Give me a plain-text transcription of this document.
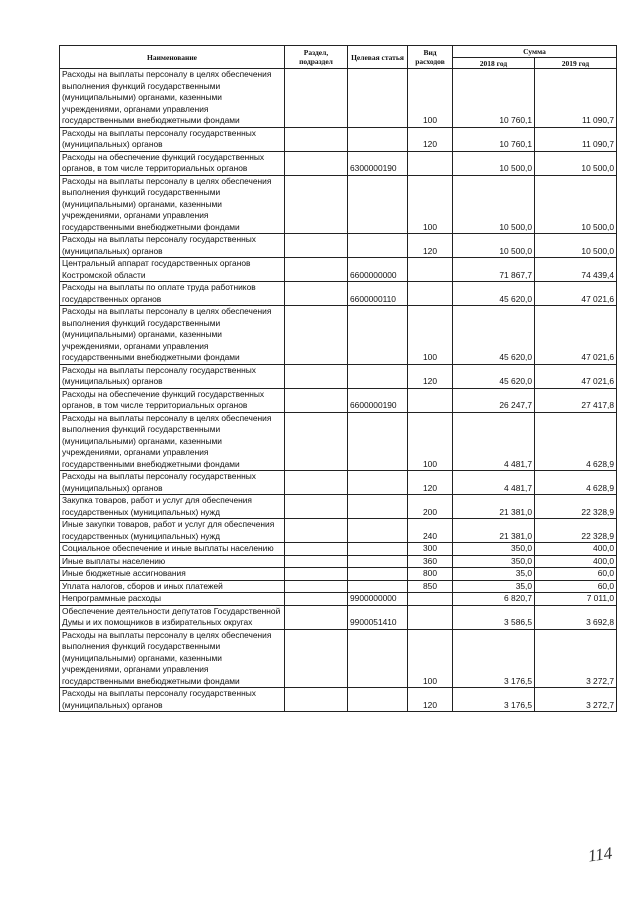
Наименование	Раздел, подраздел	Целевая статья	Вид расходов	Сумма	
				2018 год	2019 год
Расходы на выплаты персоналу в целях обеспечения выполнения функций государственными (муниципальными) органами, казенными учреждениями, органами управления государственными внебюджетными фондами			100	10 760,1	11 090,7
Расходы на выплаты персоналу государственных (муниципальных) органов			120	10 760,1	11 090,7
Расходы на обеспечение функций государственных органов, в том числе территориальных органов		6300000190		10 500,0	10 500,0
Расходы на выплаты персоналу в целях обеспечения выполнения функций государственными (муниципальными) органами, казенными учреждениями, органами управления государственными внебюджетными фондами			100	10 500,0	10 500,0
Расходы на выплаты персоналу государственных (муниципальных) органов			120	10 500,0	10 500,0
Центральный аппарат государственных органов Костромской области		6600000000		71 867,7	74 439,4
Расходы на выплаты по оплате труда работников государственных органов		6600000110		45 620,0	47 021,6
Расходы на выплаты персоналу в целях обеспечения выполнения функций государственными (муниципальными) органами, казенными учреждениями, органами управления государственными внебюджетными фондами			100	45 620,0	47 021,6
Расходы на выплаты персоналу государственных (муниципальных) органов			120	45 620,0	47 021,6
Расходы на обеспечение функций государственных органов, в том числе территориальных органов		6600000190		26 247,7	27 417,8
Расходы на выплаты персоналу в целях обеспечения выполнения функций государственными (муниципальными) органами, казенными учреждениями, органами управления государственными внебюджетными фондами			100	4 481,7	4 628,9
Расходы на выплаты персоналу государственных (муниципальных) органов			120	4 481,7	4 628,9
Закупка товаров, работ и услуг для обеспечения государственных (муниципальных) нужд			200	21 381,0	22 328,9
Иные закупки товаров, работ и услуг для обеспечения государственных (муниципальных) нужд			240	21 381,0	22 328,9
Социальное обеспечение и иные выплаты населению			300	350,0	400,0
Иные выплаты населению			360	350,0	400,0
Иные бюджетные ассигнования			800	35,0	60,0
Уплата налогов, сборов и иных платежей			850	35,0	60,0
Непрограммные расходы		9900000000		6 820,7	7 011,0
Обеспечение деятельности депутатов Государственной Думы и их помощников в избирательных округах		9900051410		3 586,5	3 692,8
Расходы на выплаты персоналу в целях обеспечения выполнения функций государственными (муниципальными) органами, казенными учреждениями, органами управления государственными внебюджетными фондами			100	3 176,5	3 272,7
Расходы на выплаты персоналу государственных (муниципальных) органов			120	3 176,5	3 272,7
114
